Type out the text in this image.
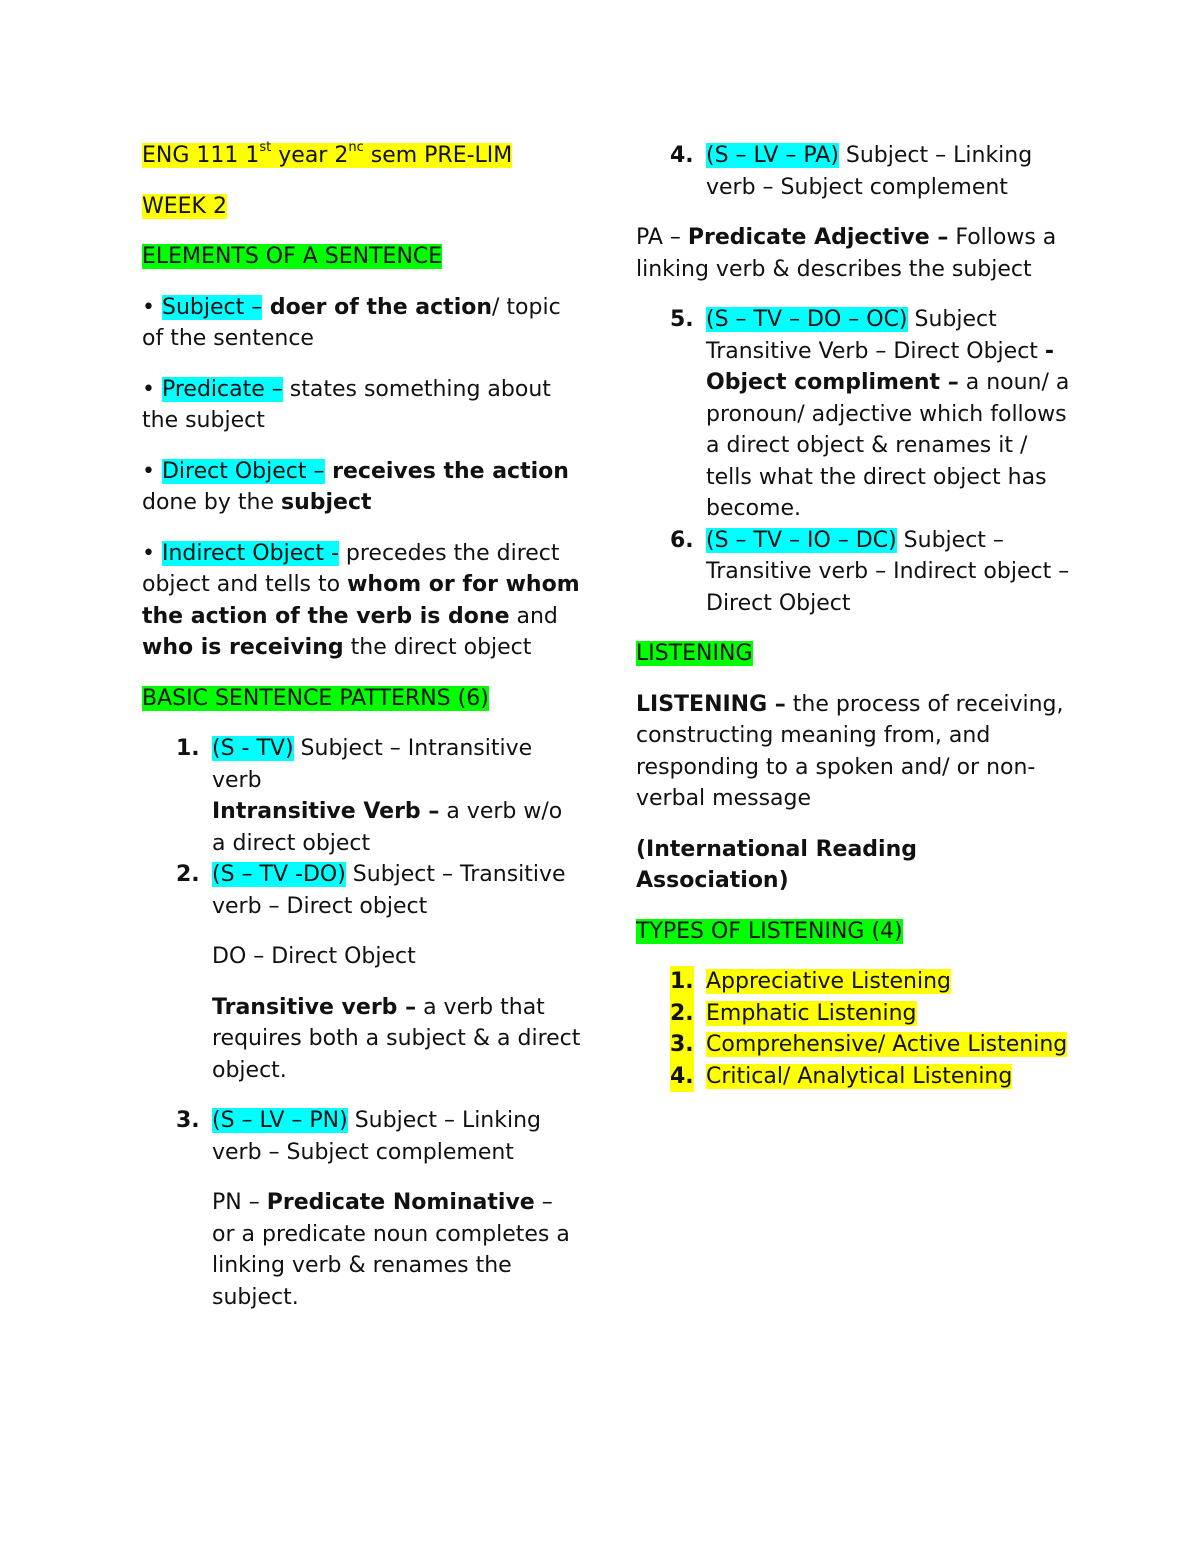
ENG 111 1st year $2^{nc}$ sem PRE-LIM

WEEK 2

ELEMENTS OF A SENTENCE

• Subject – doer of the action/ topic of the sentence

• Predicate – states something about the subject

• Direct Object – receives the action done by the subject

• Indirect Object - precedes the direct object and tells to whom or for whom the action of the verb is done and who is receiving the direct object

BASIC SENTENCE PATTERNS (6)

1. (S - TV) Subject – Intransitive verb
Intransitive Verb – a verb w/o a direct object
2. (S – TV -DO) Subject – Transitive verb – Direct object
DO – Direct Object
Transitive verb – a verb that requires both a subject & a direct object.
3. (S – LV – PN) Subject – Linking verb – Subject complement
PN – Predicate Nominative – or a predicate noun completes a linking verb & renames the subject.
4. (S – LV – PA) Subject – Linking verb – Subject complement

PA – Predicate Adjective – Follows a linking verb & describes the subject

5. (S – TV – DO – OC) Subject Transitive Verb – Direct Object - Object compliment – a noun/ a pronoun/ adjective which follows a direct object & renames it / tells what the direct object has become.
6. (S – TV – IO – DC) Subject – Transitive verb – Indirect object – Direct Object

LISTENING

LISTENING – the process of receiving, constructing meaning from, and responding to a spoken and/ or non-verbal message

(International Reading Association)

TYPES OF LISTENING (4)

1. Appreciative Listening
2. Emphatic Listening
3. Comprehensive/ Active Listening
4. Critical/ Analytical Listening
